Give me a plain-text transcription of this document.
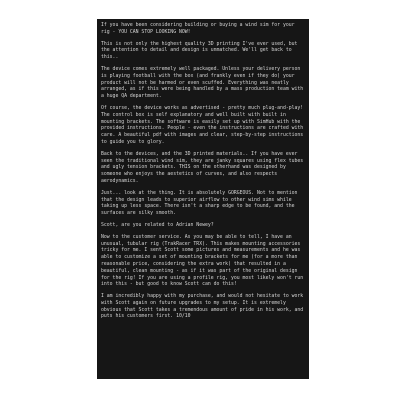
If you have been considering building or buying a wind sim for your rig - YOU CAN STOP LOOKING NOW!

This is not only the highest quality 3D printing I've ever used, but the attention to detail and design is unmatched. We'll get back to this..

The device comes extremely well packaged. Unless your delivery person is playing football with the box (and frankly even if they do) your product will not be harmed or even scuffed. Everything was neatly arranged, as if this were being handled by a mass production team with a huge QA department.

Of course, the device works as advertised - pretty much plug-and-play! The control box is self explanatory and well built with built in mounting brackets. The software is easily set up with SimHub with the provided instructions. People - even the instructions are crafted with care. A beautiful pdf with images and clear, step-by-step instructions to guide you to glory.

Back to the devices, and the 3D printed materials.. If you have ever seen the traditional wind sim, they are janky squares using flex tubes and ugly tension brackets. THIS on the otherhand was designed by someone who enjoys the aestetics of curves, and also respects aerodynamics.

Just... look at the thing. It is absolutely GORGEOUS. Not to mention that the design leads to superior airflow to other wind sims while taking up less space. There isn't a sharp edge to be found, and the surfaces are silky smooth.

Scott, are you related to Adrian Newey?

Now to the customer service. As you may be able to tell, I have an unusual, tubular rig (TrakRacer TRX). This makes mounting accessories tricky for me. I sent Scott some pictures and measurements and he was able to customize a set of mounting brackets for me (for a more than reasonable price, considering the extra work) that resulted in a beautiful, clean mounting - as if it was part of the original design for the rig! If you are using a profile rig, you most likely won't run into this - but good to know Scott can do this!

I am incredibly happy with my purchase, and would not hesitate to work with Scott again on future upgrades to my setup. It is extremely obvious that Scott takes a tremendous amount of pride in his work, and puts his customers first. 10/10
